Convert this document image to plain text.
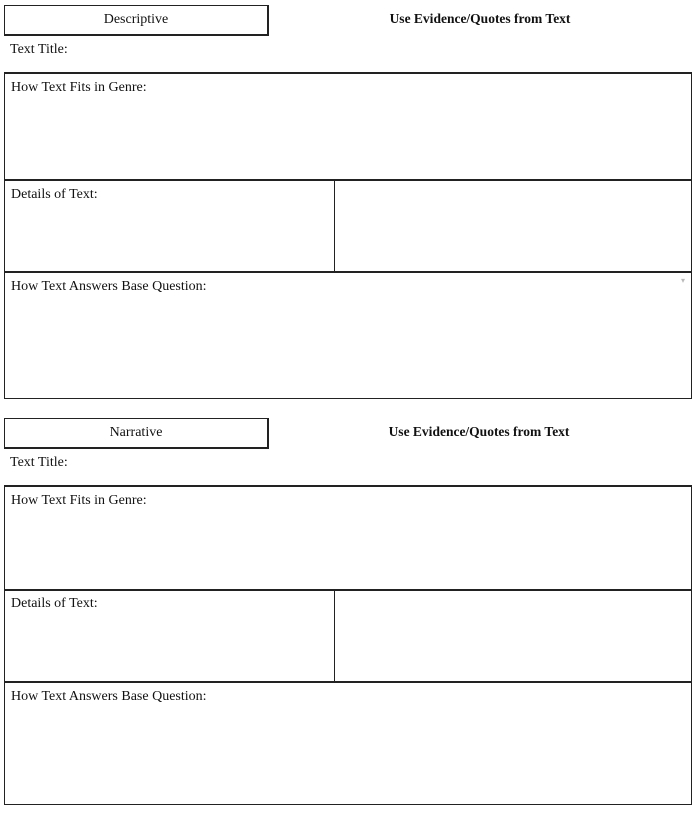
Descriptive	Use Evidence/Quotes from Text
Text Title:
How Text Fits in Genre:
Details of Text:
How Text Answers Base Question:	▾
Narrative	Use Evidence/Quotes from Text
Text Title:
How Text Fits in Genre:
Details of Text:
How Text Answers Base Question:
